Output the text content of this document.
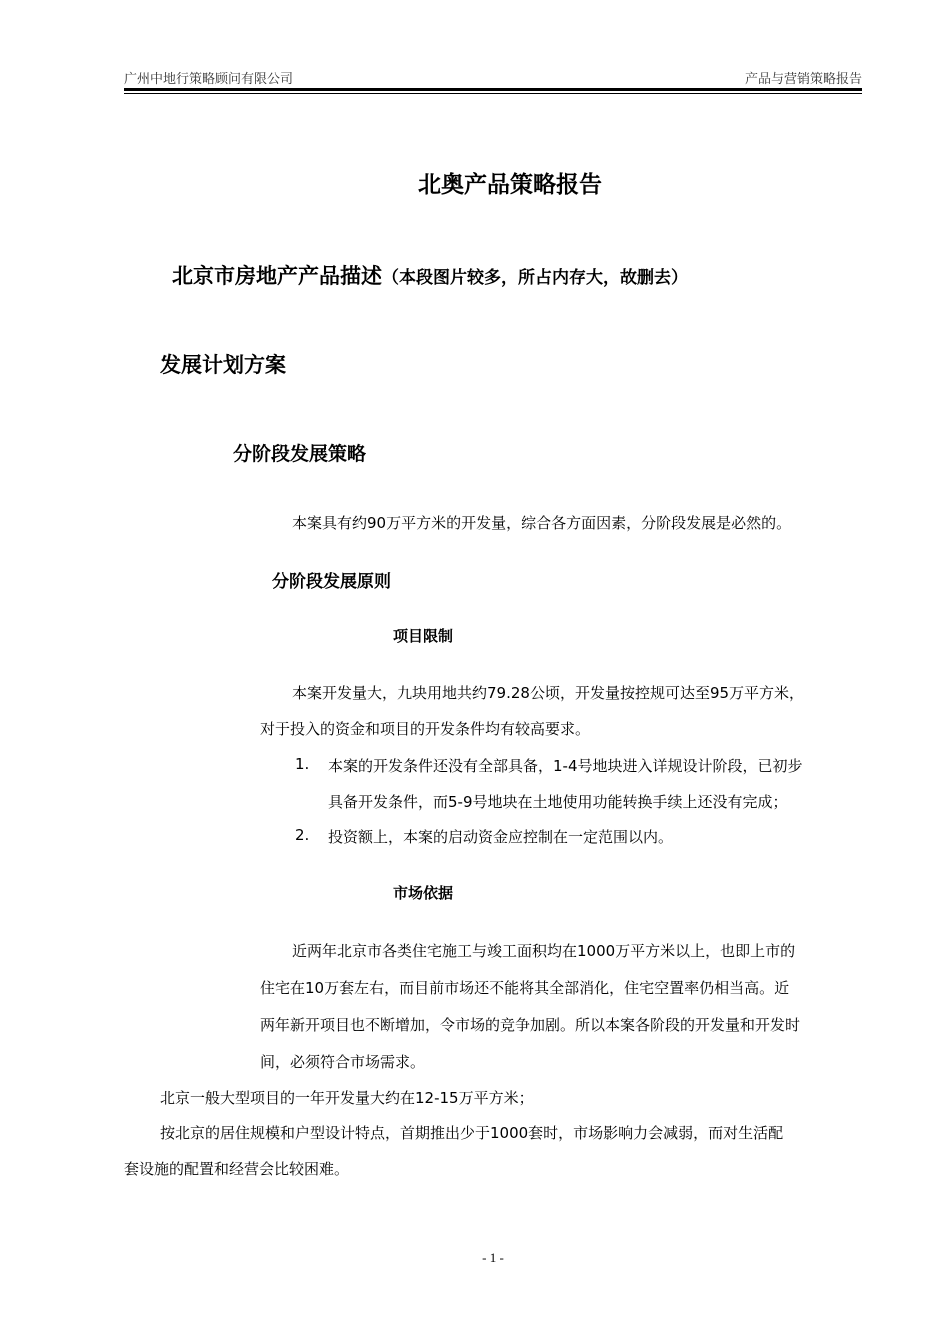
广州中地行策略顾问有限公司	产品与营销策略报告
北奥产品策略报告
北京市房地产产品描述（本段图片较多，所占内存大，故删去）
发展计划方案
分阶段发展策略
本案具有约90万平方米的开发量，综合各方面因素，分阶段发展是必然的。
分阶段发展原则
项目限制
本案开发量大，九块用地共约79.28公顷，开发量按控规可达至95万平方米，
对于投入的资金和项目的开发条件均有较高要求。
1. 本案的开发条件还没有全部具备，1-4号地块进入详规设计阶段，已初步
具备开发条件，而5-9号地块在土地使用功能转换手续上还没有完成；
2. 投资额上，本案的启动资金应控制在一定范围以内。
市场依据
近两年北京市各类住宅施工与竣工面积均在1000万平方米以上，也即上市的
住宅在10万套左右，而目前市场还不能将其全部消化，住宅空置率仍相当高。近
两年新开项目也不断增加，令市场的竞争加剧。所以本案各阶段的开发量和开发时
间，必须符合市场需求。
北京一般大型项目的一年开发量大约在12-15万平方米；
按北京的居住规模和户型设计特点，首期推出少于1000套时，市场影响力会减弱，而对生活配
套设施的配置和经营会比较困难。
- 1 -
